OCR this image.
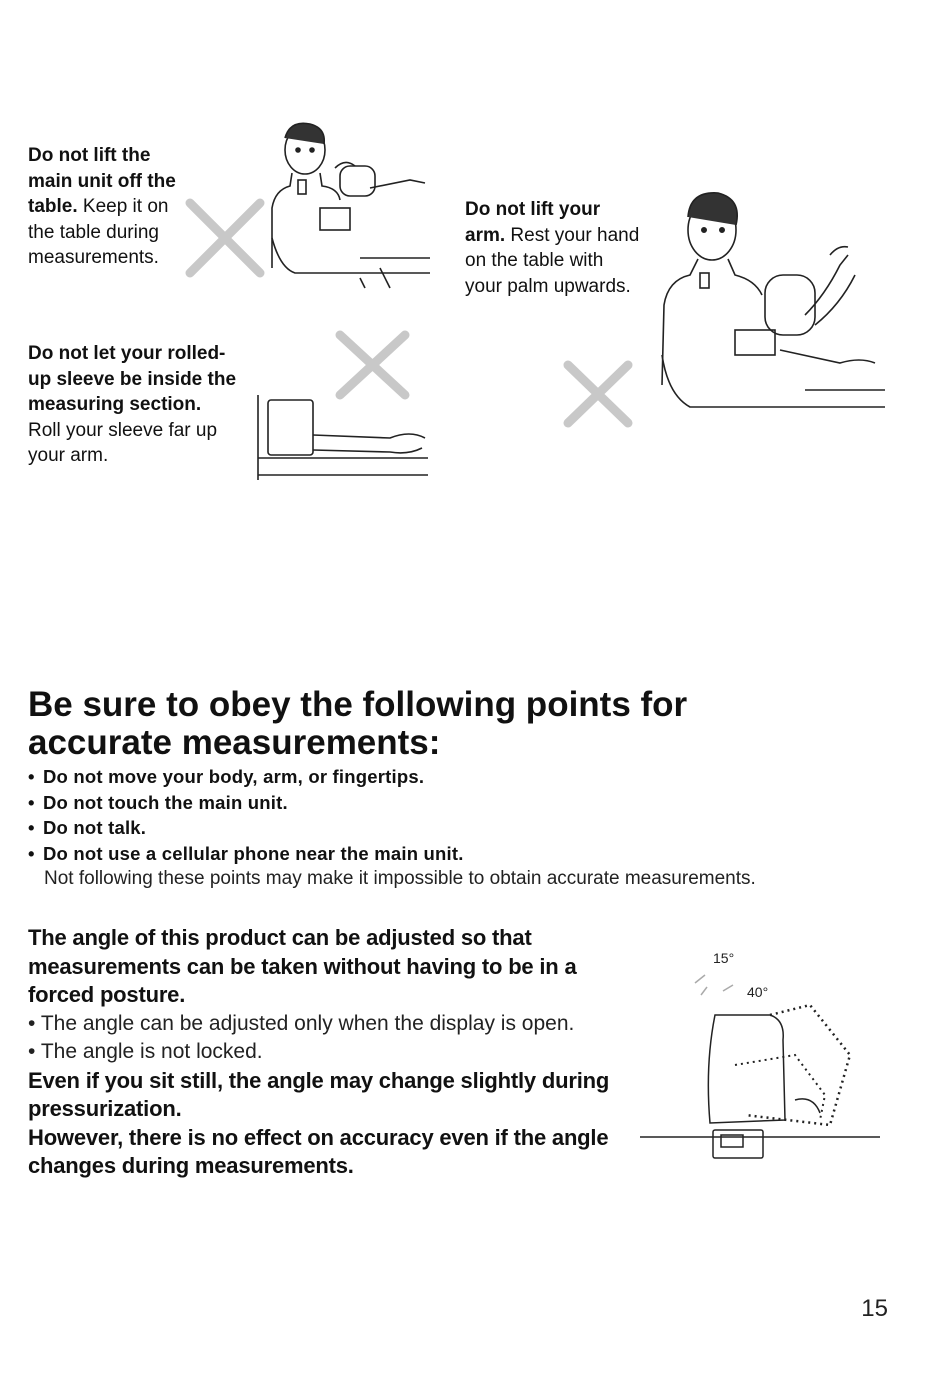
Do not lift the main unit off the table. Keep it on the table during measurements.
Do not let your rolled-up sleeve be inside the measuring section. Roll your sleeve far up your arm.
Do not lift your arm. Rest your hand on the table with your palm upwards.
Be sure to obey the following points for accurate measurements:
• Do not move your body, arm, or fingertips.
• Do not touch the main unit.
• Do not talk.
• Do not use a cellular phone near the main unit.
Not following these points may make it impossible to obtain accurate measurements.
The angle of this product can be adjusted so that measurements can be taken without having to be in a forced posture.
• The angle can be adjusted only when the display is open.
• The angle is not locked.
Even if you sit still, the angle may change slightly during pressurization.
However, there is no effect on accuracy even if the angle changes during measurements.
15°
40°
15
